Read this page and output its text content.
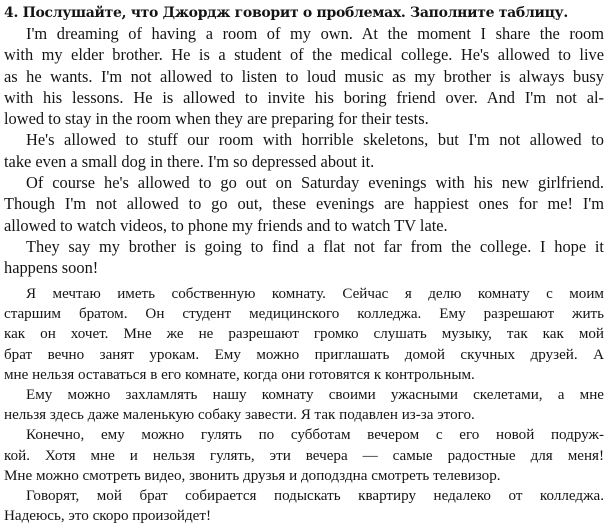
4. Послушайте, что Джордж говорит о проблемах. Заполните таблицу.
I'm dreaming of having a room of my own. At the moment I share the room
with my elder brother. He is a student of the medical college. He's allowed to live
as he wants. I'm not allowed to listen to loud music as my brother is always busy
with his lessons. He is allowed to invite his boring friend over. And I'm not al-
lowed to stay in the room when they are preparing for their tests.
He's allowed to stuff our room with horrible skeletons, but I'm not allowed to
take even a small dog in there. I'm so depressed about it.
Of course he's allowed to go out on Saturday evenings with his new girlfriend.
Though I'm not allowed to go out, these evenings are happiest ones for me! I'm
allowed to watch videos, to phone my friends and to watch TV late.
They say my brother is going to find a flat not far from the college. I hope it
happens soon!
Я мечтаю иметь собственную комнату. Сейчас я делю комнату с моим
старшим братом. Он студент медицинского колледжа. Ему разрешают жить
как он хочет. Мне же не разрешают громко слушать музыку, так как мой
брат вечно занят урокам. Ему можно приглашать домой скучных друзей. А
мне нельзя оставаться в его комнате, когда они готовятся к контрольным.
Ему можно захламлять нашу комнату своими ужасными скелетами, а мне
нельзя здесь даже маленькую собаку завести. Я так подавлен из-за этого.
Конечно, ему можно гулять по субботам вечером с его новой подруж-
кой. Хотя мне и нельзя гулять, эти вечера — самые радостные для меня!
Мне можно смотреть видео, звонить друзья и доподздна смотреть телевизор.
Говорят, мой брат собирается подыскать квартиру недалеко от колледжа.
Надеюсь, это скоро произойдет!
